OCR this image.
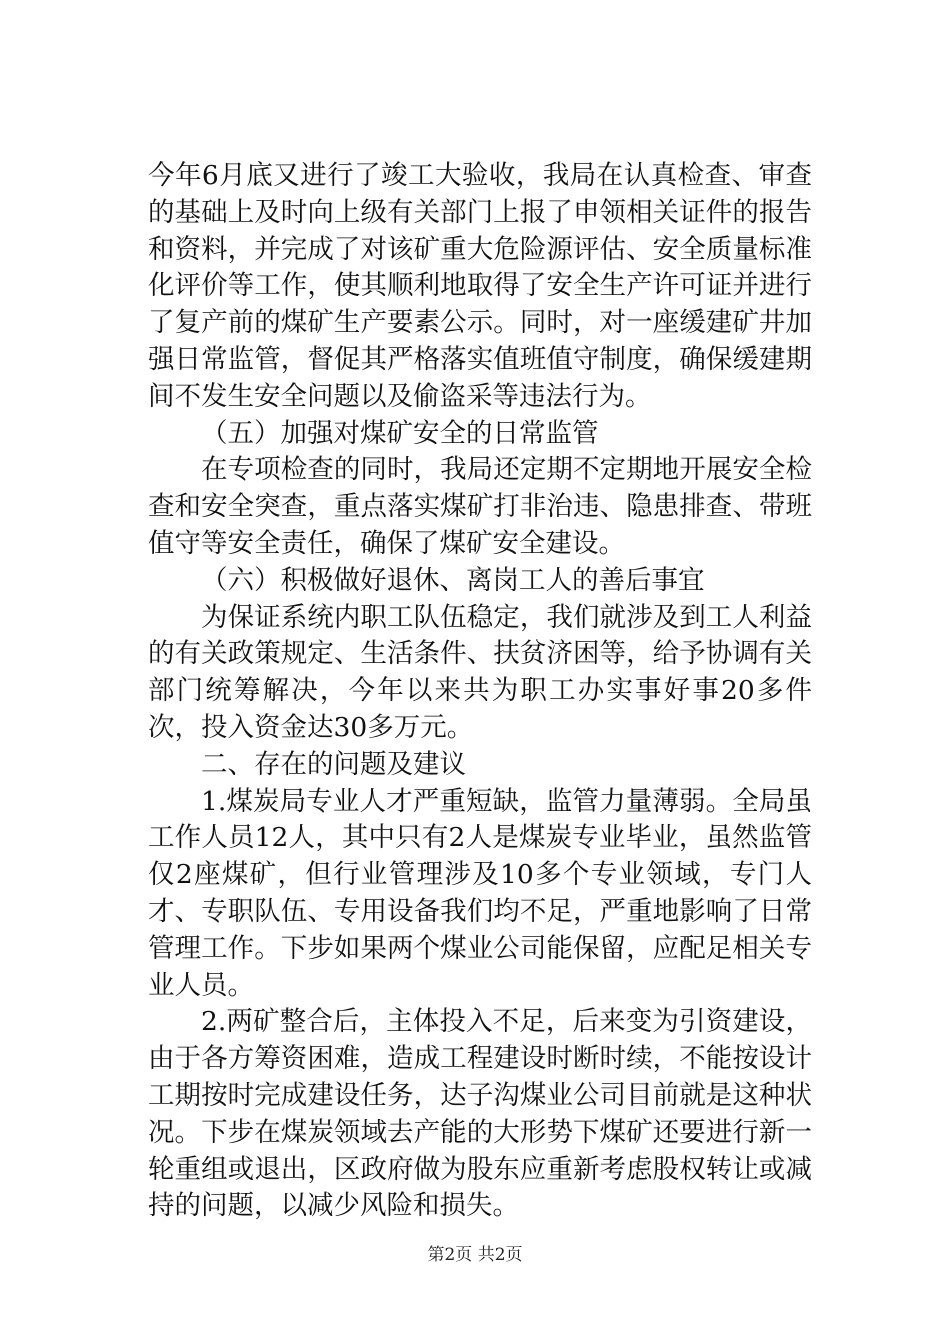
今年6月底又进行了竣工大验收，我局在认真检查、审查的基础上及时向上级有关部门上报了申领相关证件的报告和资料，并完成了对该矿重大危险源评估、安全质量标准化评价等工作，使其顺利地取得了安全生产许可证并进行了复产前的煤矿生产要素公示。同时，对一座缓建矿井加强日常监管，督促其严格落实值班值守制度，确保缓建期间不发生安全问题以及偷盗采等违法行为。

（五）加强对煤矿安全的日常监管

在专项检查的同时，我局还定期不定期地开展安全检查和安全突查，重点落实煤矿打非治违、隐患排查、带班值守等安全责任，确保了煤矿安全建设。

（六）积极做好退休、离岗工人的善后事宜

为保证系统内职工队伍稳定，我们就涉及到工人利益的有关政策规定、生活条件、扶贫济困等，给予协调有关部门统筹解决，今年以来共为职工办实事好事20多件次，投入资金达30多万元。

二、存在的问题及建议

1.煤炭局专业人才严重短缺，监管力量薄弱。全局虽工作人员12人，其中只有2人是煤炭专业毕业，虽然监管仅2座煤矿，但行业管理涉及10多个专业领域，专门人才、专职队伍、专用设备我们均不足，严重地影响了日常管理工作。下步如果两个煤业公司能保留，应配足相关专业人员。

2.两矿整合后，主体投入不足，后来变为引资建设，由于各方筹资困难，造成工程建设时断时续，不能按设计工期按时完成建设任务，达子沟煤业公司目前就是这种状况。下步在煤炭领域去产能的大形势下煤矿还要进行新一轮重组或退出，区政府做为股东应重新考虑股权转让或减持的问题，以减少风险和损失。

第2页 共2页
